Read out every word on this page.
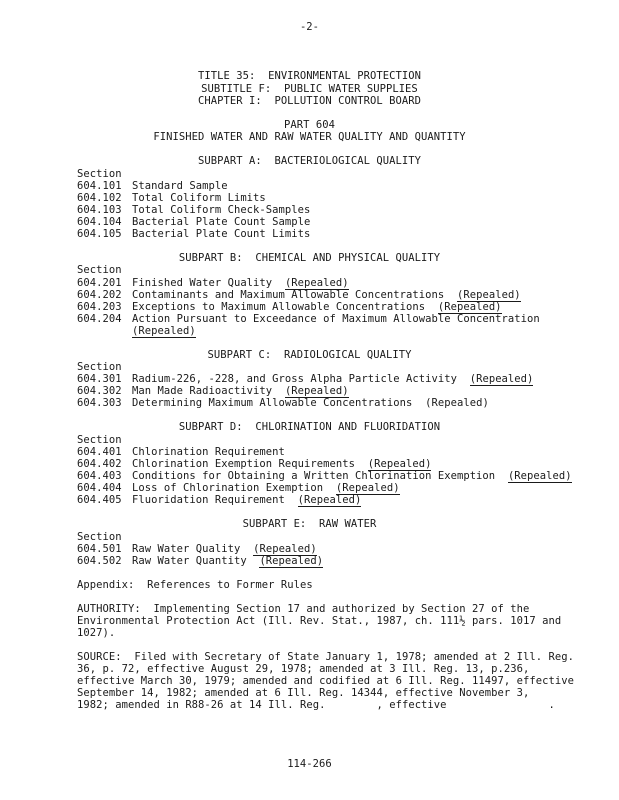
-2-
TITLE 35:  ENVIRONMENTAL PROTECTION
SUBTITLE F:  PUBLIC WATER SUPPLIES
CHAPTER I:  POLLUTION CONTROL BOARD
PART 604
FINISHED WATER AND RAW WATER QUALITY AND QUANTITY
SUBPART A:  BACTERIOLOGICAL QUALITY
Section
604.101 Standard Sample
604.102 Total Coliform Limits
604.103 Total Coliform Check-Samples
604.104 Bacterial Plate Count Sample
604.105 Bacterial Plate Count Limits
SUBPART B:  CHEMICAL AND PHYSICAL QUALITY
Section
604.201 Finished Water Quality (Repealed)
604.202 Contaminants and Maximum Allowable Concentrations (Repealed)
604.203 Exceptions to Maximum Allowable Concentrations (Repealed)
604.204 Action Pursuant to Exceedance of Maximum Allowable Concentration
(Repealed)
SUBPART C:  RADIOLOGICAL QUALITY
Section
604.301 Radium-226, -228, and Gross Alpha Particle Activity (Repealed)
604.302 Man Made Radioactivity (Repealed)
604.303 Determining Maximum Allowable Concentrations (Repealed)
SUBPART D:  CHLORINATION AND FLUORIDATION
Section
604.401 Chlorination Requirement
604.402 Chlorination Exemption Requirements (Repealed)
604.403 Conditions for Obtaining a Written Chlorination Exemption (Repealed)
604.404 Loss of Chlorination Exemption (Repealed)
604.405 Fluoridation Requirement (Repealed)
SUBPART E:  RAW WATER
Section
604.501 Raw Water Quality (Repealed)
604.502 Raw Water Quantity (Repealed)
Appendix:  References to Former Rules
AUTHORITY:  Implementing Section 17 and authorized by Section 27 of the
Environmental Protection Act (Ill. Rev. Stat., 1987, ch. 111½ pars. 1017 and
1027).
SOURCE:  Filed with Secretary of State January 1, 1978; amended at 2 Ill. Reg.
36, p. 72, effective August 29, 1978; amended at 3 Ill. Reg. 13, p.236,
effective March 30, 1979; amended and codified at 6 Ill. Reg. 11497, effective
September 14, 1982; amended at 6 Ill. Reg. 14344, effective November 3,
1982; amended in R88-26 at 14 Ill. Reg.        , effective                .
114-266
